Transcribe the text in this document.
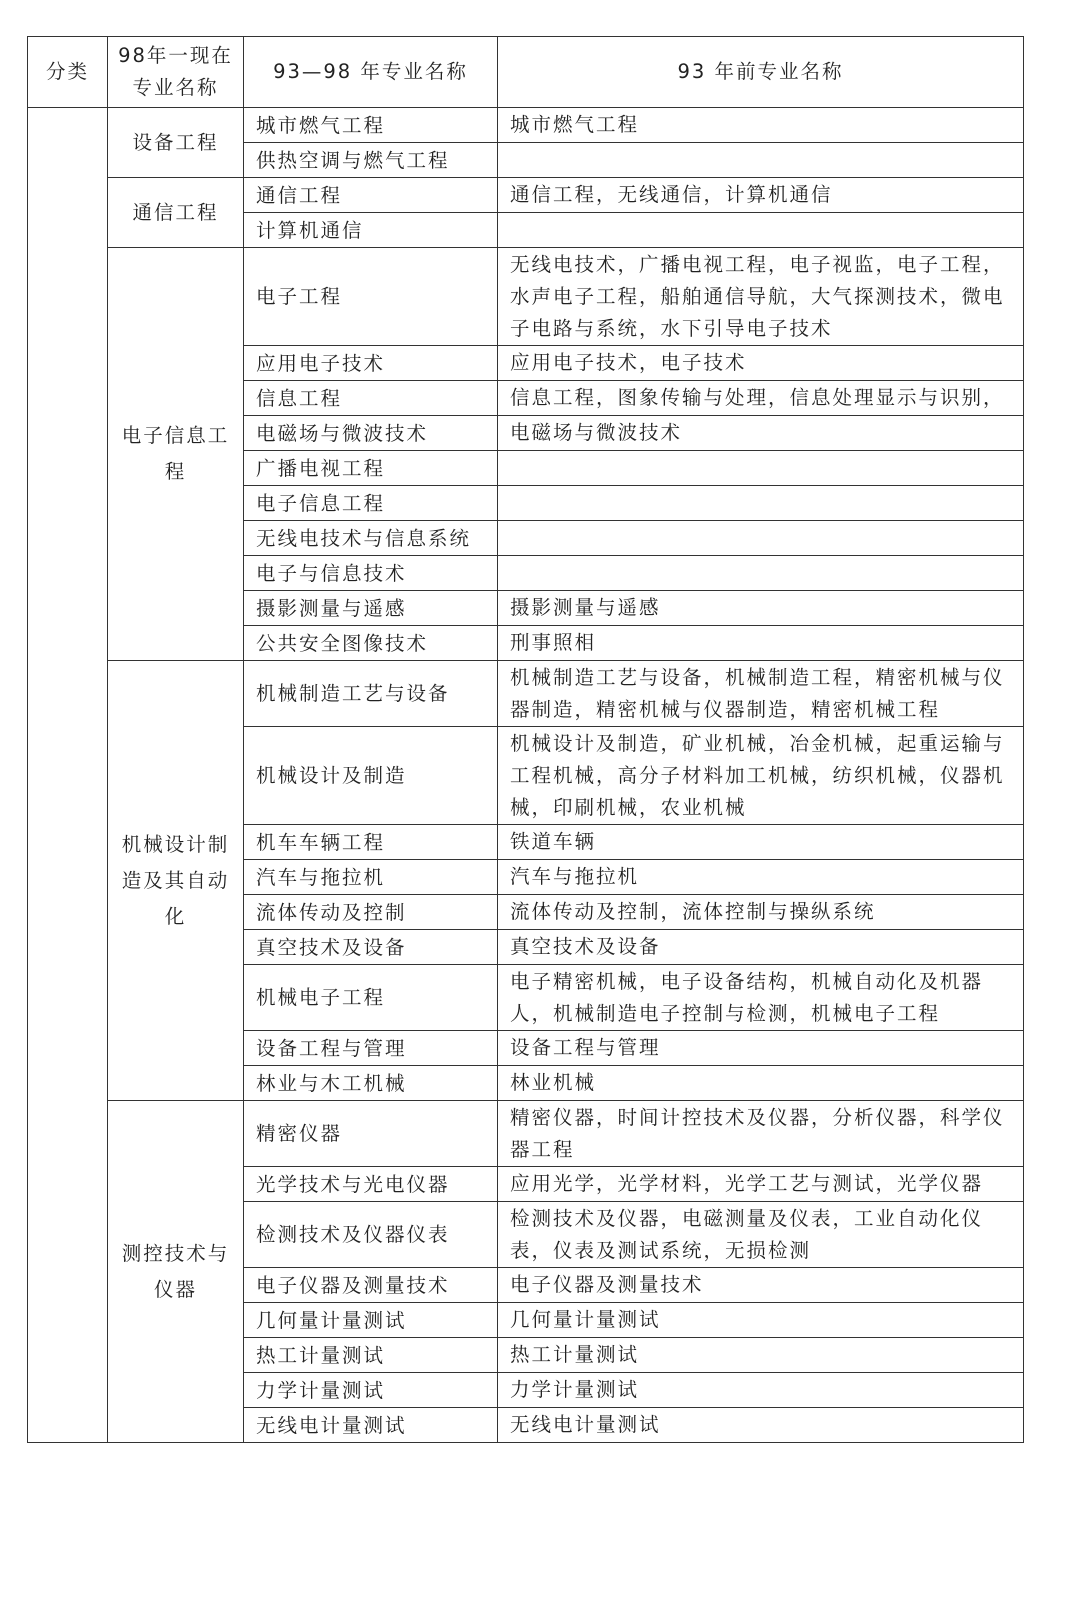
分类	98年一现在专业名称	93—98 年专业名称	93 年前专业名称
	设备工程	城市燃气工程	城市燃气工程
		供热空调与燃气工程	
	通信工程	通信工程	通信工程，无线通信，计算机通信
		计算机通信	
	电子信息工程	电子工程	无线电技术，广播电视工程，电子视监，电子工程，水声电子工程，船舶通信导航，大气探测技术，微电子电路与系统，水下引导电子技术
		应用电子技术	应用电子技术，电子技术
		信息工程	信息工程，图象传输与处理，信息处理显示与识别，
		电磁场与微波技术	电磁场与微波技术
		广播电视工程	
		电子信息工程	
		无线电技术与信息系统	
		电子与信息技术	
		摄影测量与遥感	摄影测量与遥感
		公共安全图像技术	刑事照相
	机械设计制造及其自动化	机械制造工艺与设备	机械制造工艺与设备，机械制造工程，精密机械与仪器制造，精密机械与仪器制造，精密机械工程
		机械设计及制造	机械设计及制造，矿业机械，冶金机械，起重运输与工程机械，高分子材料加工机械，纺织机械，仪器机械，印刷机械，农业机械
		机车车辆工程	铁道车辆
		汽车与拖拉机	汽车与拖拉机
		流体传动及控制	流体传动及控制，流体控制与操纵系统
		真空技术及设备	真空技术及设备
		机械电子工程	电子精密机械，电子设备结构，机械自动化及机器人，机械制造电子控制与检测，机械电子工程
		设备工程与管理	设备工程与管理
		林业与木工机械	林业机械
	测控技术与仪器	精密仪器	精密仪器，时间计控技术及仪器，分析仪器，科学仪器工程
		光学技术与光电仪器	应用光学，光学材料，光学工艺与测试，光学仪器
		检测技术及仪器仪表	检测技术及仪器，电磁测量及仪表，工业自动化仪表，仪表及测试系统，无损检测
		电子仪器及测量技术	电子仪器及测量技术
		几何量计量测试	几何量计量测试
		热工计量测试	热工计量测试
		力学计量测试	力学计量测试
		无线电计量测试	无线电计量测试
